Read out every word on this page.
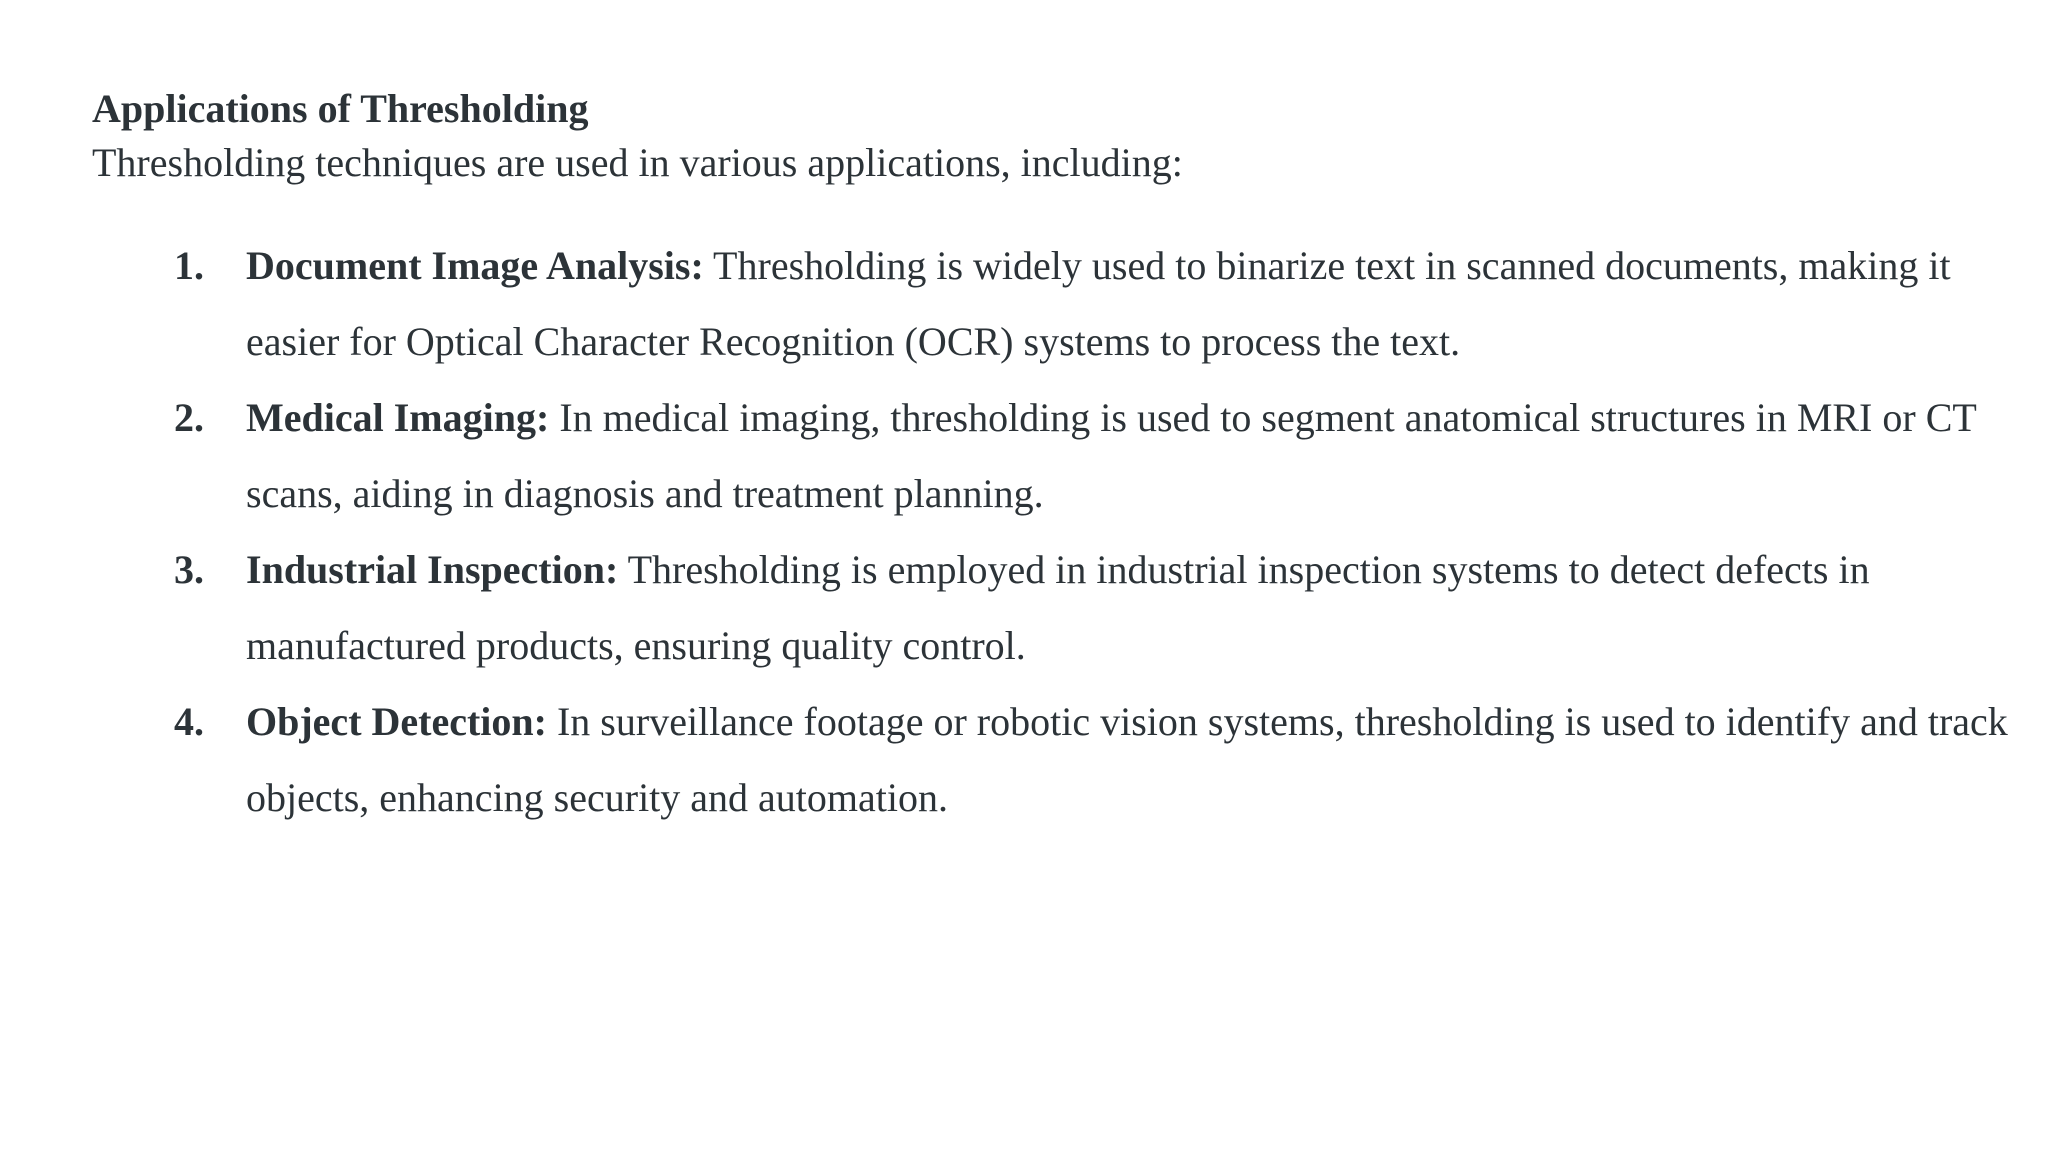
Applications of Thresholding

Thresholding techniques are used in various applications, including:

1. Document Image Analysis: Thresholding is widely used to binarize text in scanned documents, making it easier for Optical Character Recognition (OCR) systems to process the text.
2. Medical Imaging: In medical imaging, thresholding is used to segment anatomical structures in MRI or CT scans, aiding in diagnosis and treatment planning.
3. Industrial Inspection: Thresholding is employed in industrial inspection systems to detect defects in manufactured products, ensuring quality control.
4. Object Detection: In surveillance footage or robotic vision systems, thresholding is used to identify and track objects, enhancing security and automation.
